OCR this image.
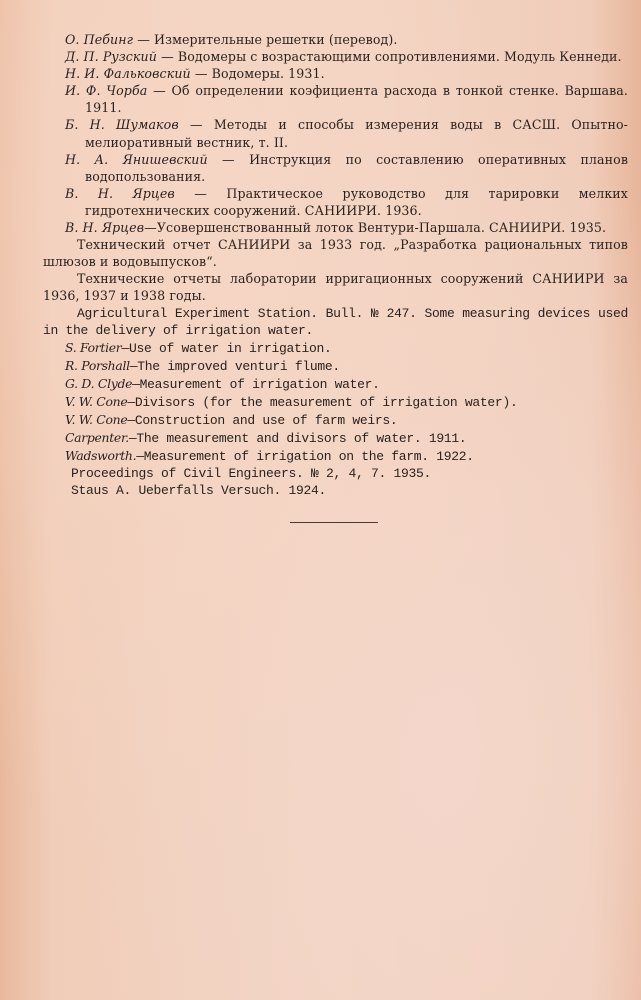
О. Пебинг — Измерительные решетки (перевод).

Д. П. Рузский — Водомеры с возрастающими сопротивлениями. Модуль Кеннеди.

Н. И. Фальковский — Водомеры. 1931.

И. Ф. Чорба — Об определении коэфициента расхода в тонкой стенке. Варшава. 1911.

Б. Н. Шумаков — Методы и способы измерения воды в САСШ. Опытно-мелиоративный вестник, т. II.

Н. А. Янишевский — Инструкция по составлению оперативных планов водопользования.

В. Н. Ярцев — Практическое руководство для тарировки мелких гидротехнических сооружений. САНИИРИ. 1936.

В. Н. Ярцев—Усовершенствованный лоток Вентури-Паршала. САНИИРИ. 1935.

Технический отчет САНИИРИ за 1933 год. „Разработка рациональных типов шлюзов и водовыпусков“.

Технические отчеты лаборатории ирригационных сооружений САНИИРИ за 1936, 1937 и 1938 годы.

Agricultural Experiment Station. Bull. № 247. Some measuring devices used in the delivery of irrigation water.

S. Fortier—Use of water in irrigation.

R. Porshall—The improved venturi flume.

G. D. Clyde—Measurement of irrigation water.

V. W. Cone—Divisors (for the measurement of irrigation water).

V. W. Cone—Construction and use of farm weirs.

Carpenter.—The measurement and divisors of water. 1911.

Wadsworth.—Measurement of irrigation on the farm. 1922.

Proceedings of Civil Engineers. № 2, 4, 7. 1935.

Staus A. Ueberfalls Versuch. 1924.
